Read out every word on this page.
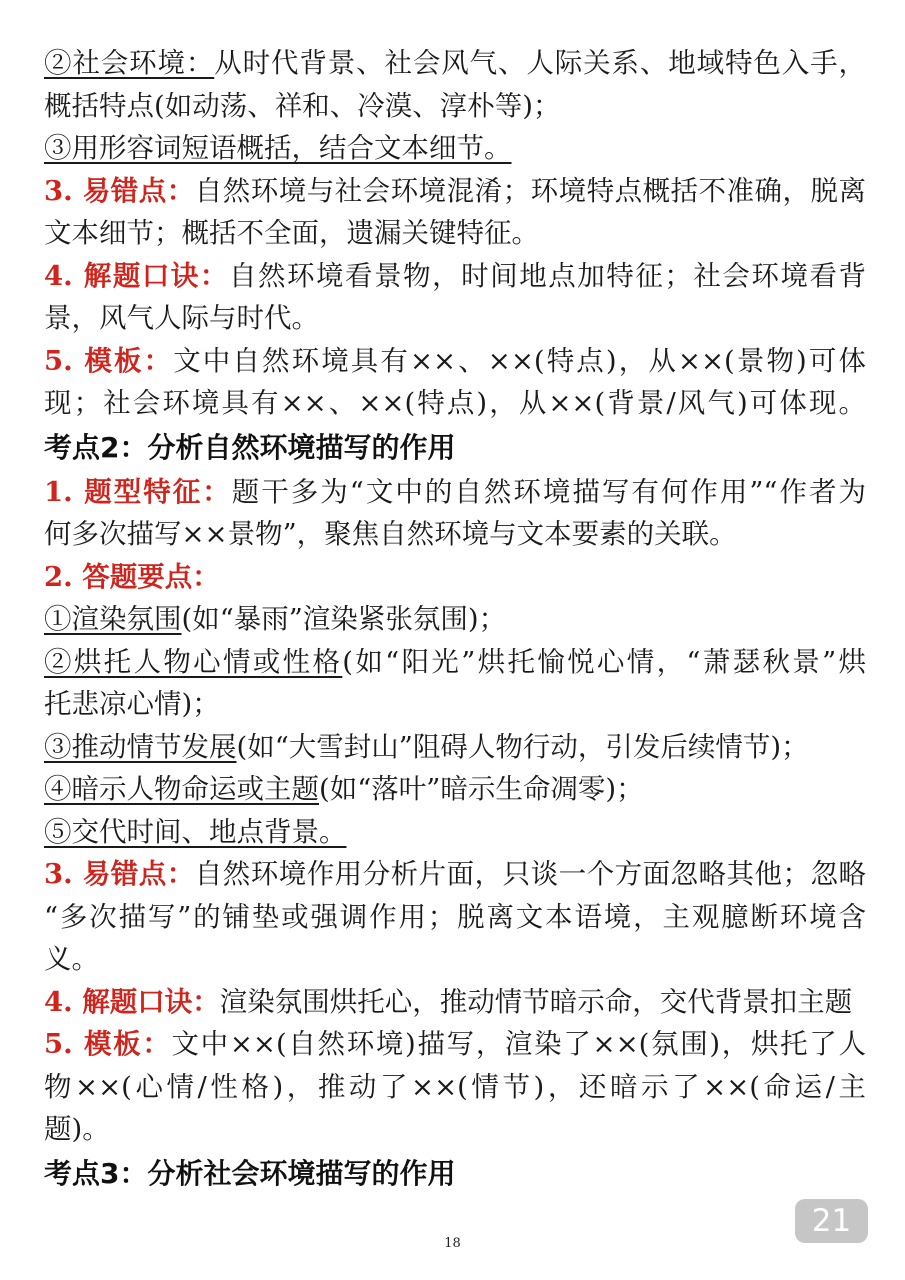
②社会环境：从时代背景、社会风气、人际关系、地域特色入手，
概括特点(如动荡、祥和、冷漠、淳朴等)；
③用形容词短语概括，结合文本细节。
3. 易错点：自然环境与社会环境混淆；环境特点概括不准确，脱离
文本细节；概括不全面，遗漏关键特征。
4. 解题口诀：自然环境看景物，时间地点加特征；社会环境看背
景，风气人际与时代。
5. 模板：文中自然环境具有××、××(特点)，从××(景物)可体
现；社会环境具有××、××(特点)，从××(背景/风气)可体现。
考点2：分析自然环境描写的作用
1. 题型特征：题干多为“文中的自然环境描写有何作用”“作者为
何多次描写××景物”，聚焦自然环境与文本要素的关联。
2. 答题要点：
①渲染氛围(如“暴雨”渲染紧张氛围)；
②烘托人物心情或性格(如“阳光”烘托愉悦心情，“萧瑟秋景”烘
托悲凉心情)；
③推动情节发展(如“大雪封山”阻碍人物行动，引发后续情节)；
④暗示人物命运或主题(如“落叶”暗示生命凋零)；
⑤交代时间、地点背景。
3. 易错点：自然环境作用分析片面，只谈一个方面忽略其他；忽略
“多次描写”的铺垫或强调作用；脱离文本语境，主观臆断环境含
义。
4. 解题口诀：渲染氛围烘托心，推动情节暗示命，交代背景扣主题
5. 模板：文中××(自然环境)描写，渲染了××(氛围)，烘托了人
物××(心情/性格)，推动了××(情节)，还暗示了××(命运/主
题)。
考点3：分析社会环境描写的作用
21
18
